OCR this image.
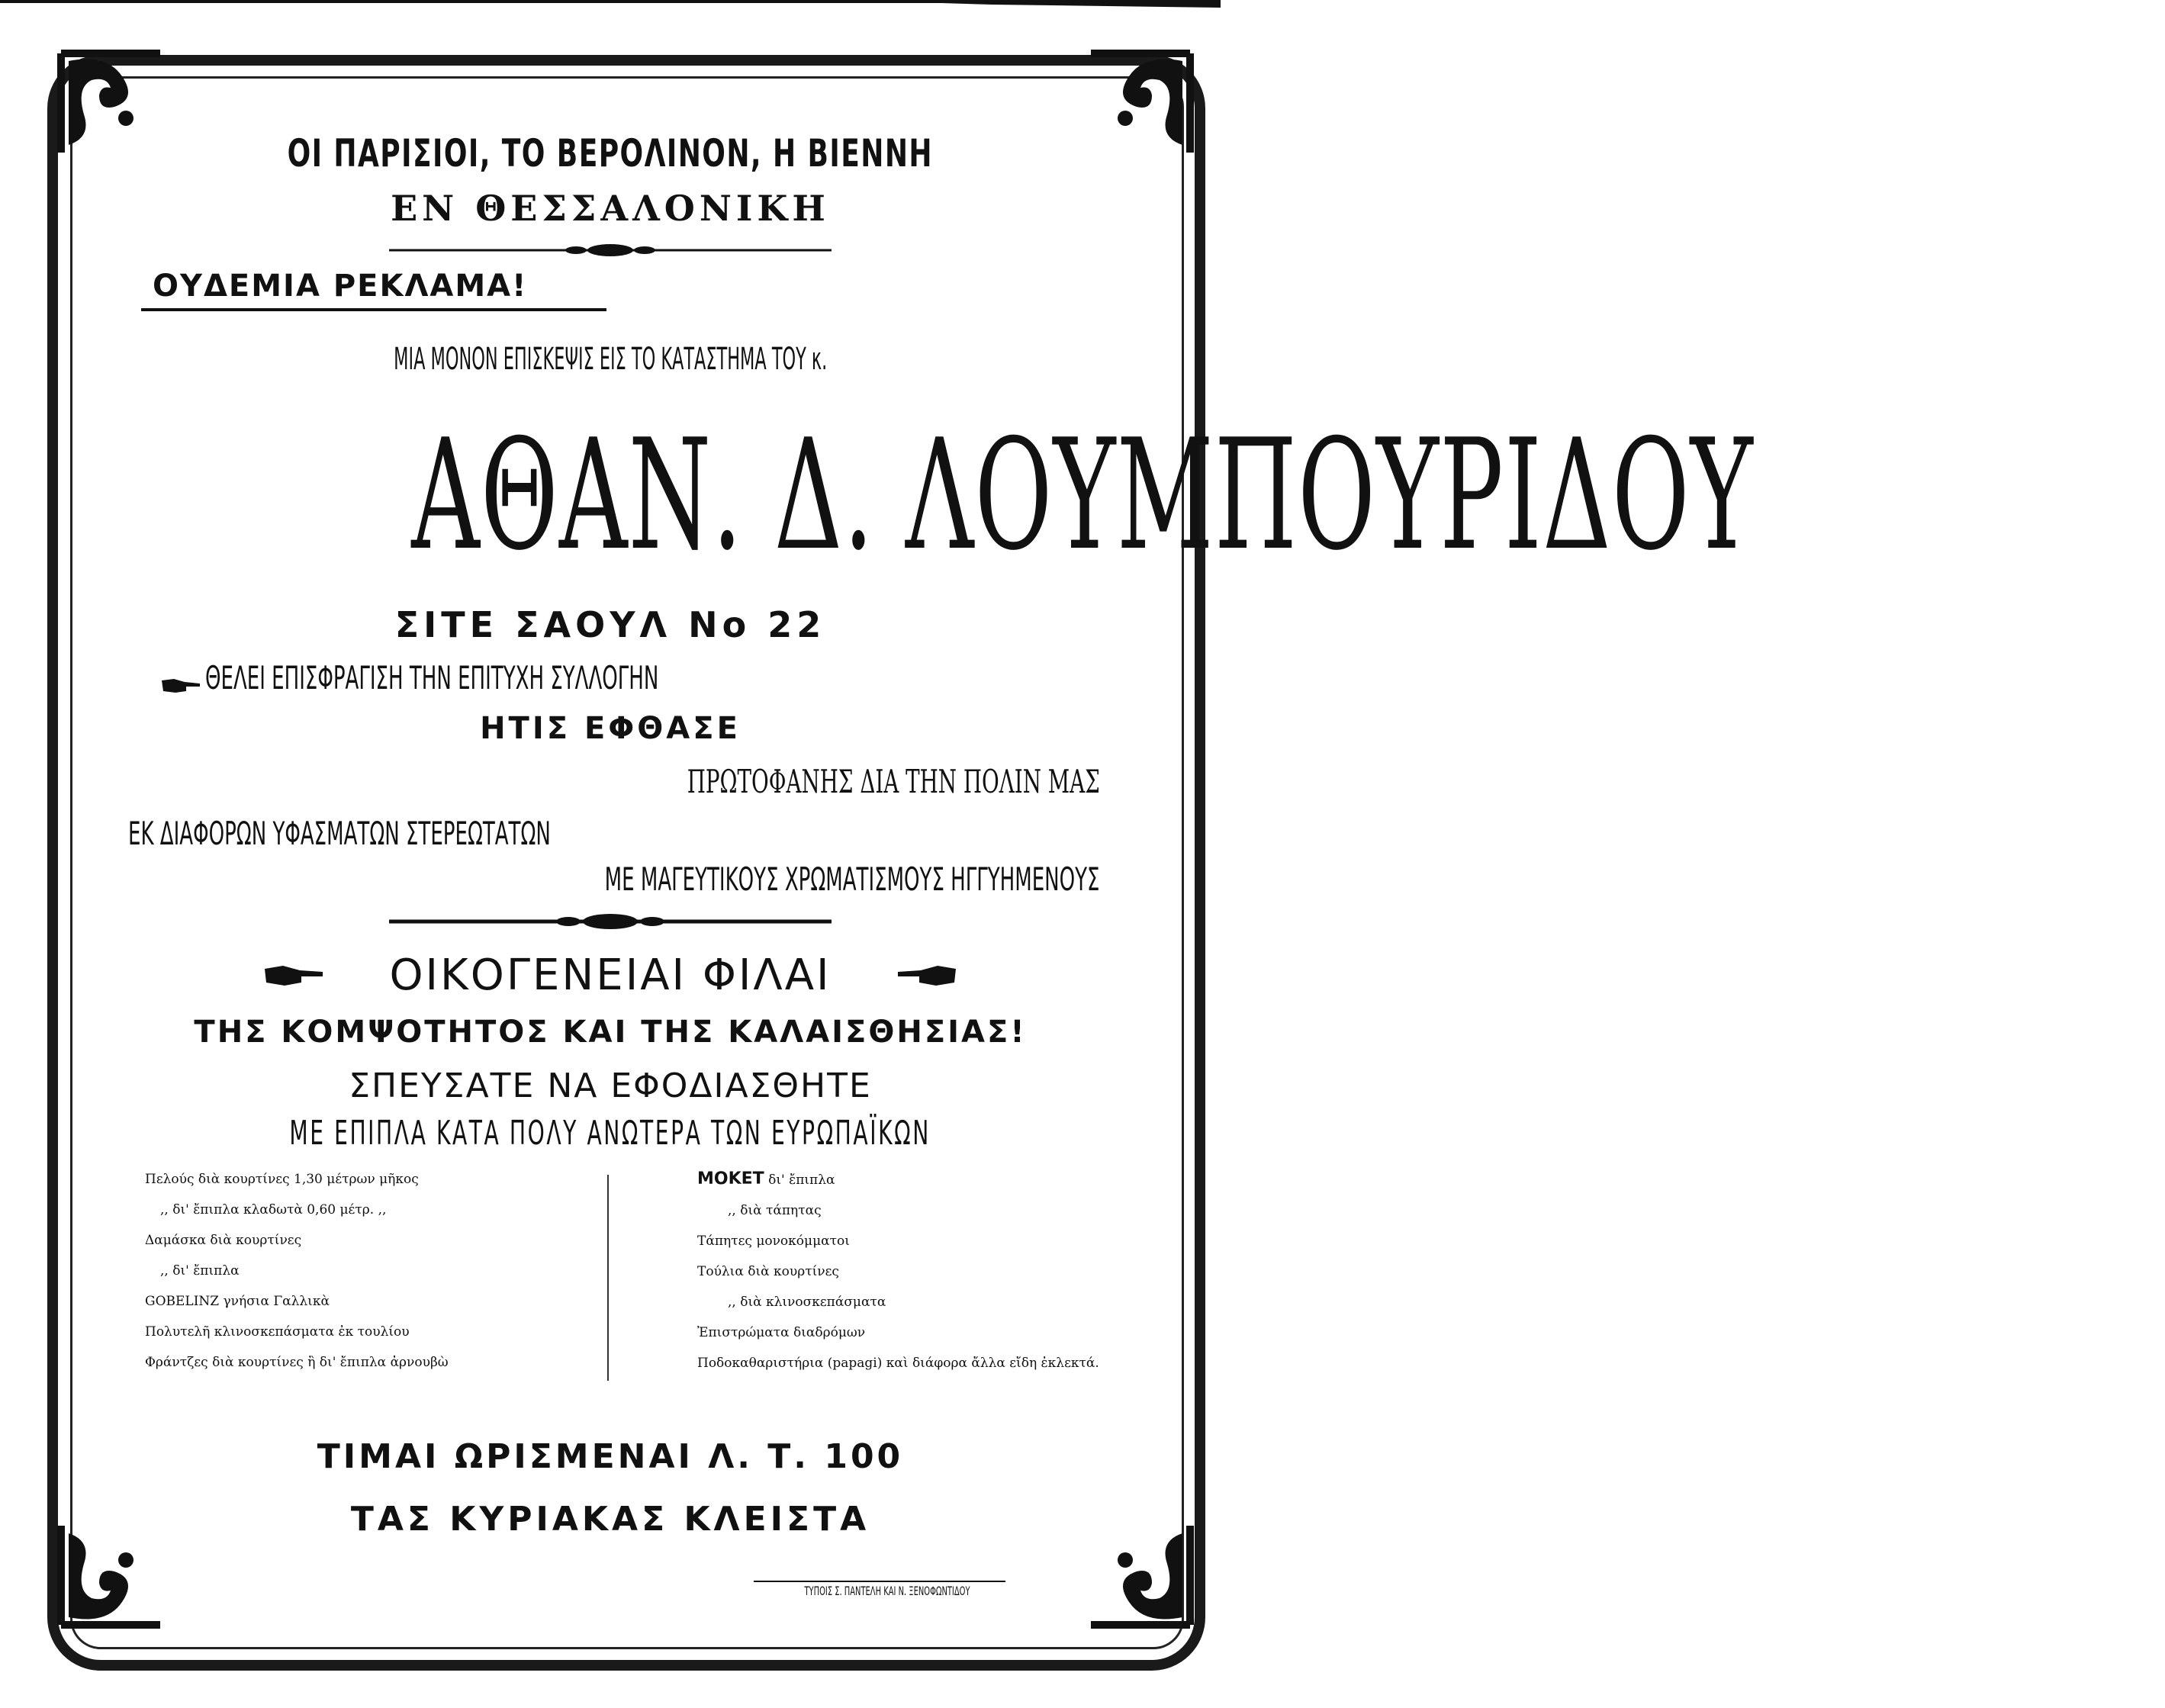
ΟΙ ΠΑΡΙΣΙΟΙ, ΤΟ ΒΕΡΟΛΙΝΟΝ, Η ΒΙΕΝΝΗ
ΕΝ ΘΕΣΣΑΛΟΝΙΚΗ
ΟΥΔΕΜΙΑ ΡΕΚΛΑΜΑ!
ΜΙΑ ΜΟΝΟΝ ΕΠΙΣΚΕΨΙΣ ΕΙΣ ΤΟ ΚΑΤΑΣΤΗΜΑ ΤΟΥ κ.
ΑΘΑΝ. Δ. ΛΟΥΜΠΟΥΡΙΔΟΥ
ΣΙΤΕ ΣΑΟΥΛ Νο 22
ΘΕΛΕΙ ΕΠΙΣΦΡΑΓΙΣΗ ΤΗΝ ΕΠΙΤΥΧΗ ΣΥΛΛΟΓΗΝ
ΗΤΙΣ ΕΦΘΑΣΕ
ΠΡΩΤΟΦΑΝΗΣ ΔΙΑ ΤΗΝ ΠΟΛΙΝ ΜΑΣ
ΕΚ ΔΙΑΦΟΡΩΝ ΥΦΑΣΜΑΤΩΝ ΣΤΕΡΕΩΤΑΤΩΝ
ΜΕ ΜΑΓΕΥΤΙΚΟΥΣ ΧΡΩΜΑΤΙΣΜΟΥΣ ΗΓΓΥΗΜΕΝΟΥΣ
ΟΙΚΟΓΕΝΕΙΑΙ ΦΙΛΑΙ
ΤΗΣ ΚΟΜΨΟΤΗΤΟΣ ΚΑΙ ΤΗΣ ΚΑΛΑΙΣΘΗΣΙΑΣ!
ΣΠΕΥΣΑΤΕ ΝΑ ΕΦΟΔΙΑΣΘΗΤΕ
ΜΕ ΕΠΙΠΛΑ ΚΑΤΑ ΠΟΛΥ ΑΝΩΤΕΡΑ ΤΩΝ ΕΥΡΩΠΑΪΚΩΝ
Πελούς διὰ κουρτίνες 1,30 μέτρων μῆκος
,, δι' ἔπιπλα κλαδωτὰ 0,60 μέτρ. ,,
Δαμάσκα διὰ κουρτίνες
,, δι' ἔπιπλα
GOBELINZ γνήσια Γαλλικὰ
Πολυτελῆ κλινοσκεπάσματα ἐκ τουλίου
Φράντζες διὰ κουρτίνες ἢ δι' ἔπιπλα ἀρνουβὼ
ΜΟΚΕΤ δι' ἔπιπλα
,, διὰ τάπητας
Τάπητες μονοκόμματοι
Τούλια διὰ κουρτίνες
,, διὰ κλινοσκεπάσματα
Ἐπιστρώματα διαδρόμων
Ποδοκαθαριστήρια (papagi) καὶ διάφορα ἄλλα εἴδη ἐκλεκτά.
ΤΙΜΑΙ ΩΡΙΣΜΕΝΑΙ Λ. Τ. 100
ΤΑΣ ΚΥΡΙΑΚΑΣ ΚΛΕΙΣΤΑ
ΤΥΠΟΙΣ Σ. ΠΑΝΤΕΛΗ ΚΑΙ Ν. ΞΕΝΟΦΩΝΤΙΔΟΥ
